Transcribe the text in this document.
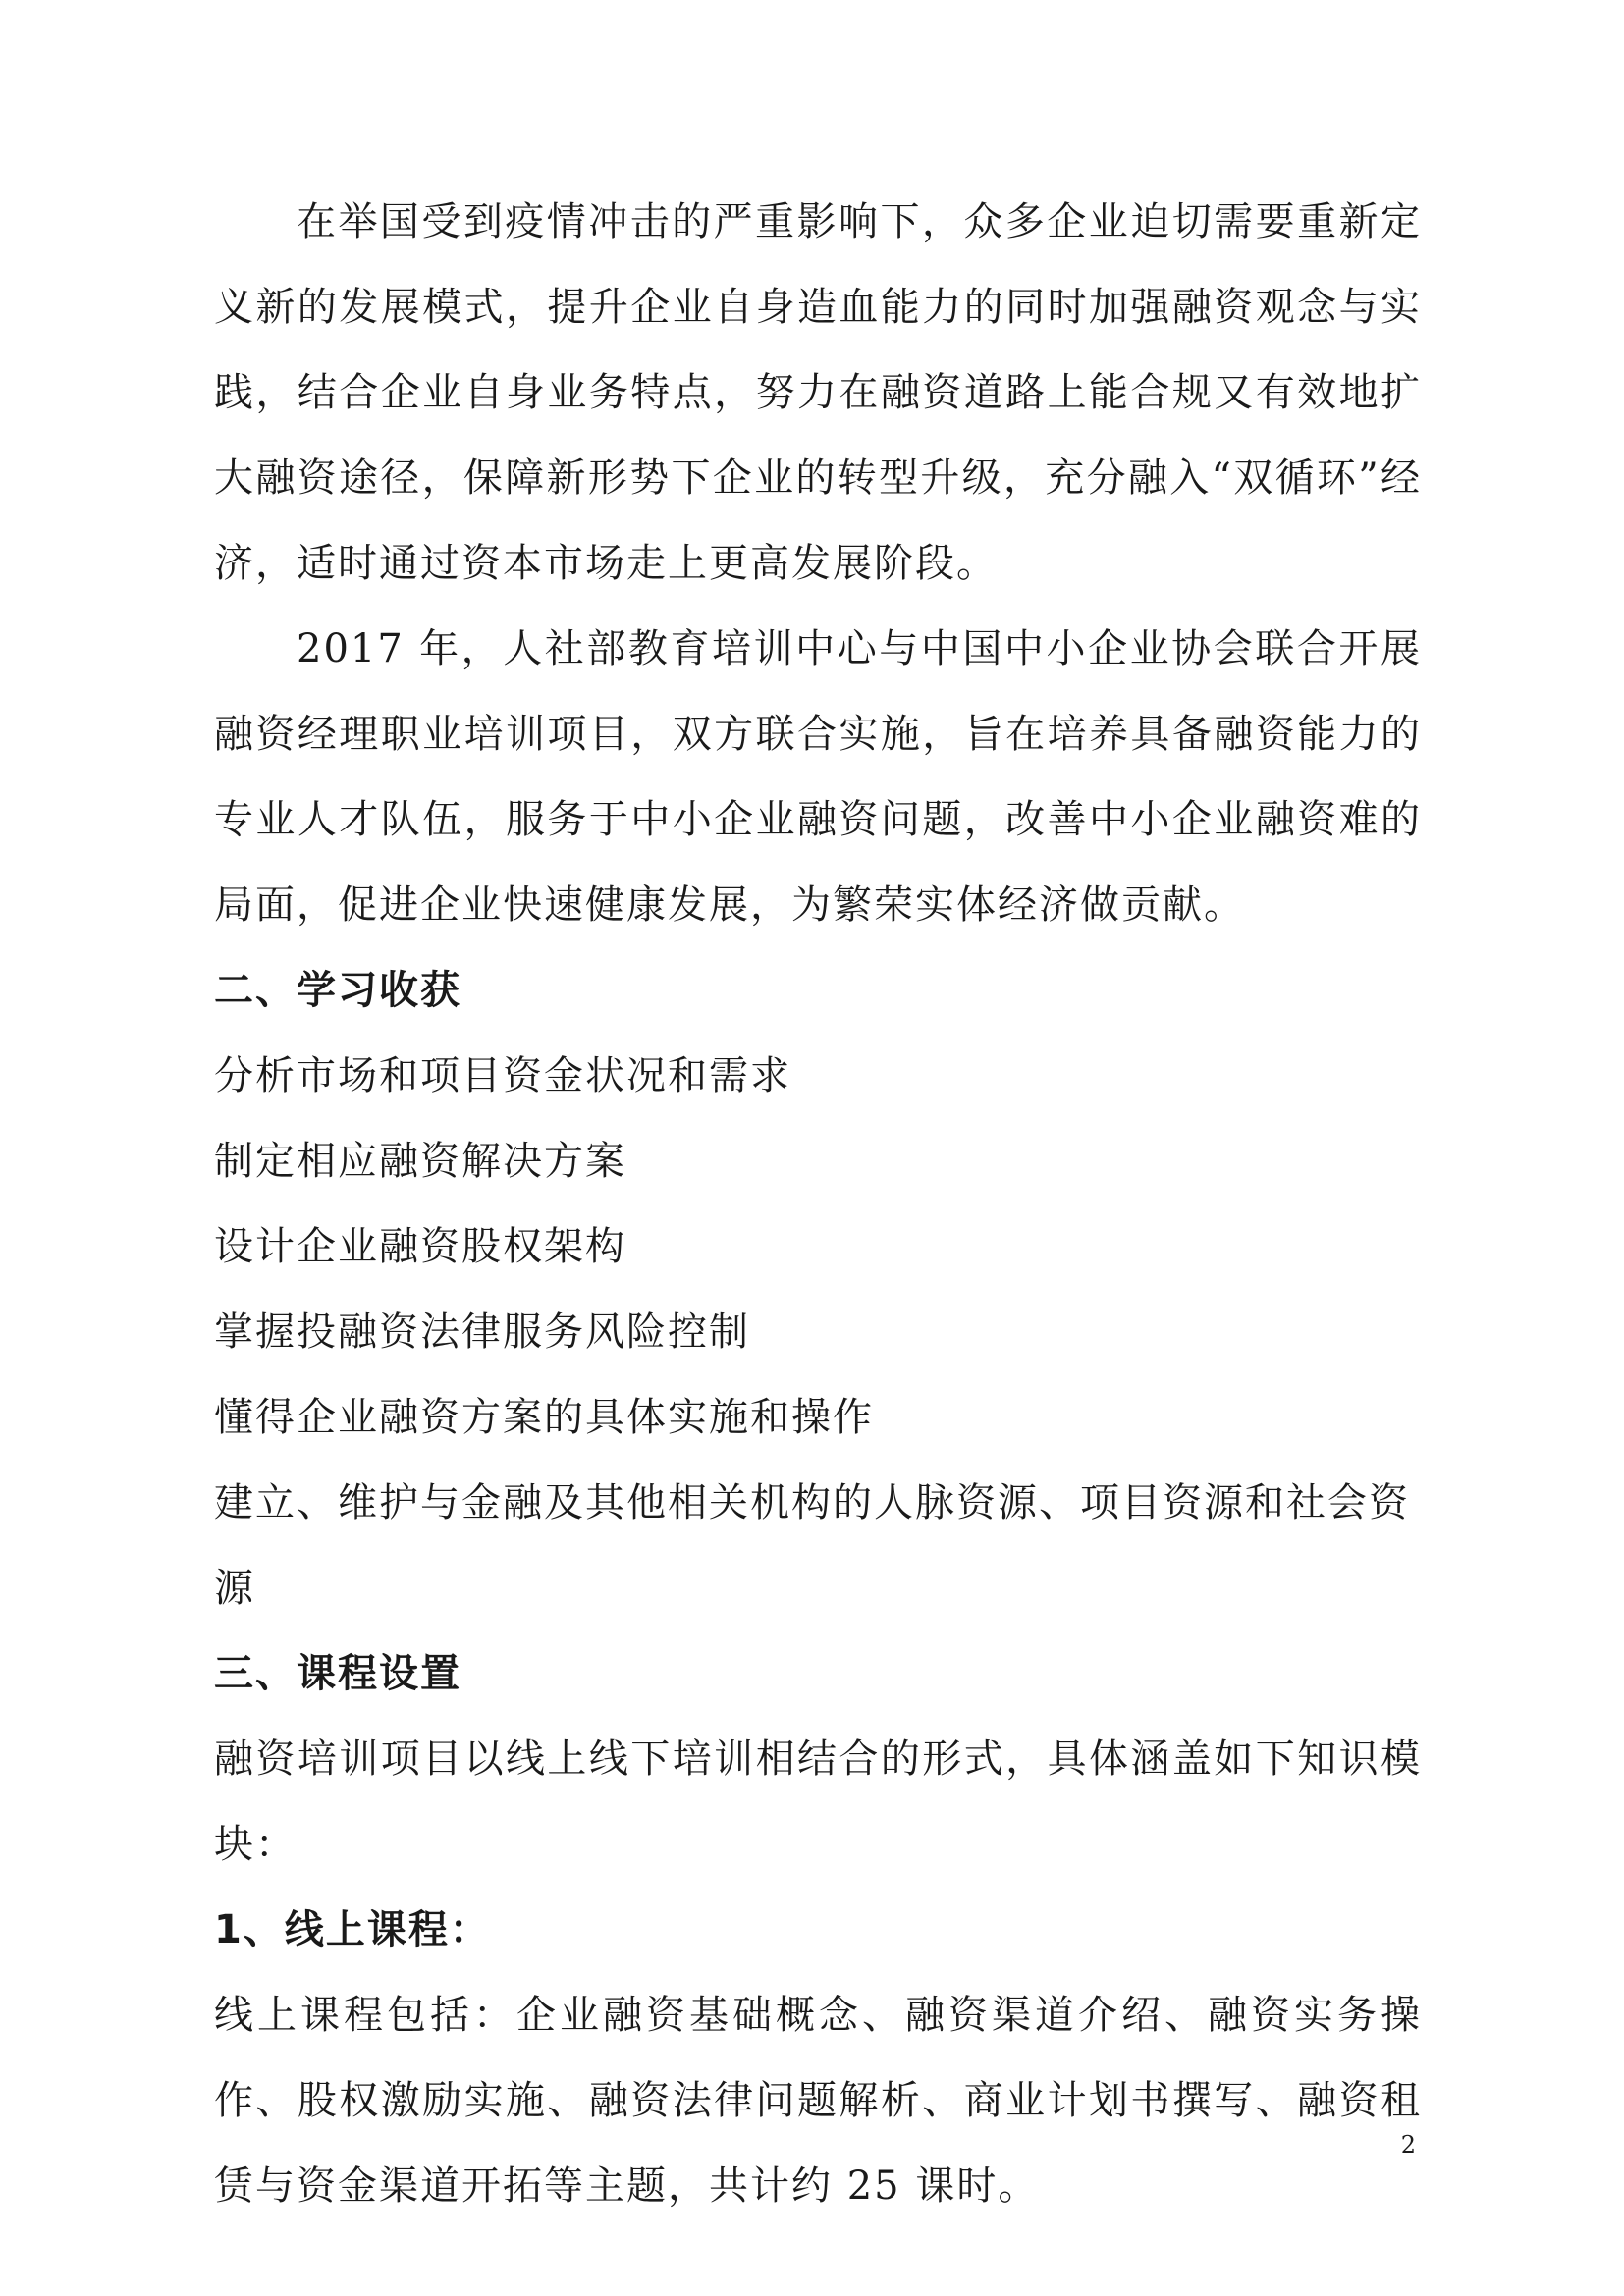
在举国受到疫情冲击的严重影响下，众多企业迫切需要重新定义新的发展模式，提升企业自身造血能力的同时加强融资观念与实践，结合企业自身业务特点，努力在融资道路上能合规又有效地扩大融资途径，保障新形势下企业的转型升级，充分融入“双循环”经济，适时通过资本市场走上更高发展阶段。

2017 年，人社部教育培训中心与中国中小企业协会联合开展融资经理职业培训项目，双方联合实施，旨在培养具备融资能力的专业人才队伍，服务于中小企业融资问题，改善中小企业融资难的局面，促进企业快速健康发展，为繁荣实体经济做贡献。

二、学习收获

分析市场和项目资金状况和需求

制定相应融资解决方案

设计企业融资股权架构

掌握投融资法律服务风险控制

懂得企业融资方案的具体实施和操作

建立、维护与金融及其他相关机构的人脉资源、项目资源和社会资源

三、课程设置

融资培训项目以线上线下培训相结合的形式，具体涵盖如下知识模块：

1、线上课程：

线上课程包括：企业融资基础概念、融资渠道介绍、融资实务操作、股权激励实施、融资法律问题解析、商业计划书撰写、融资租赁与资金渠道开拓等主题，共计约 25 课时。

2
